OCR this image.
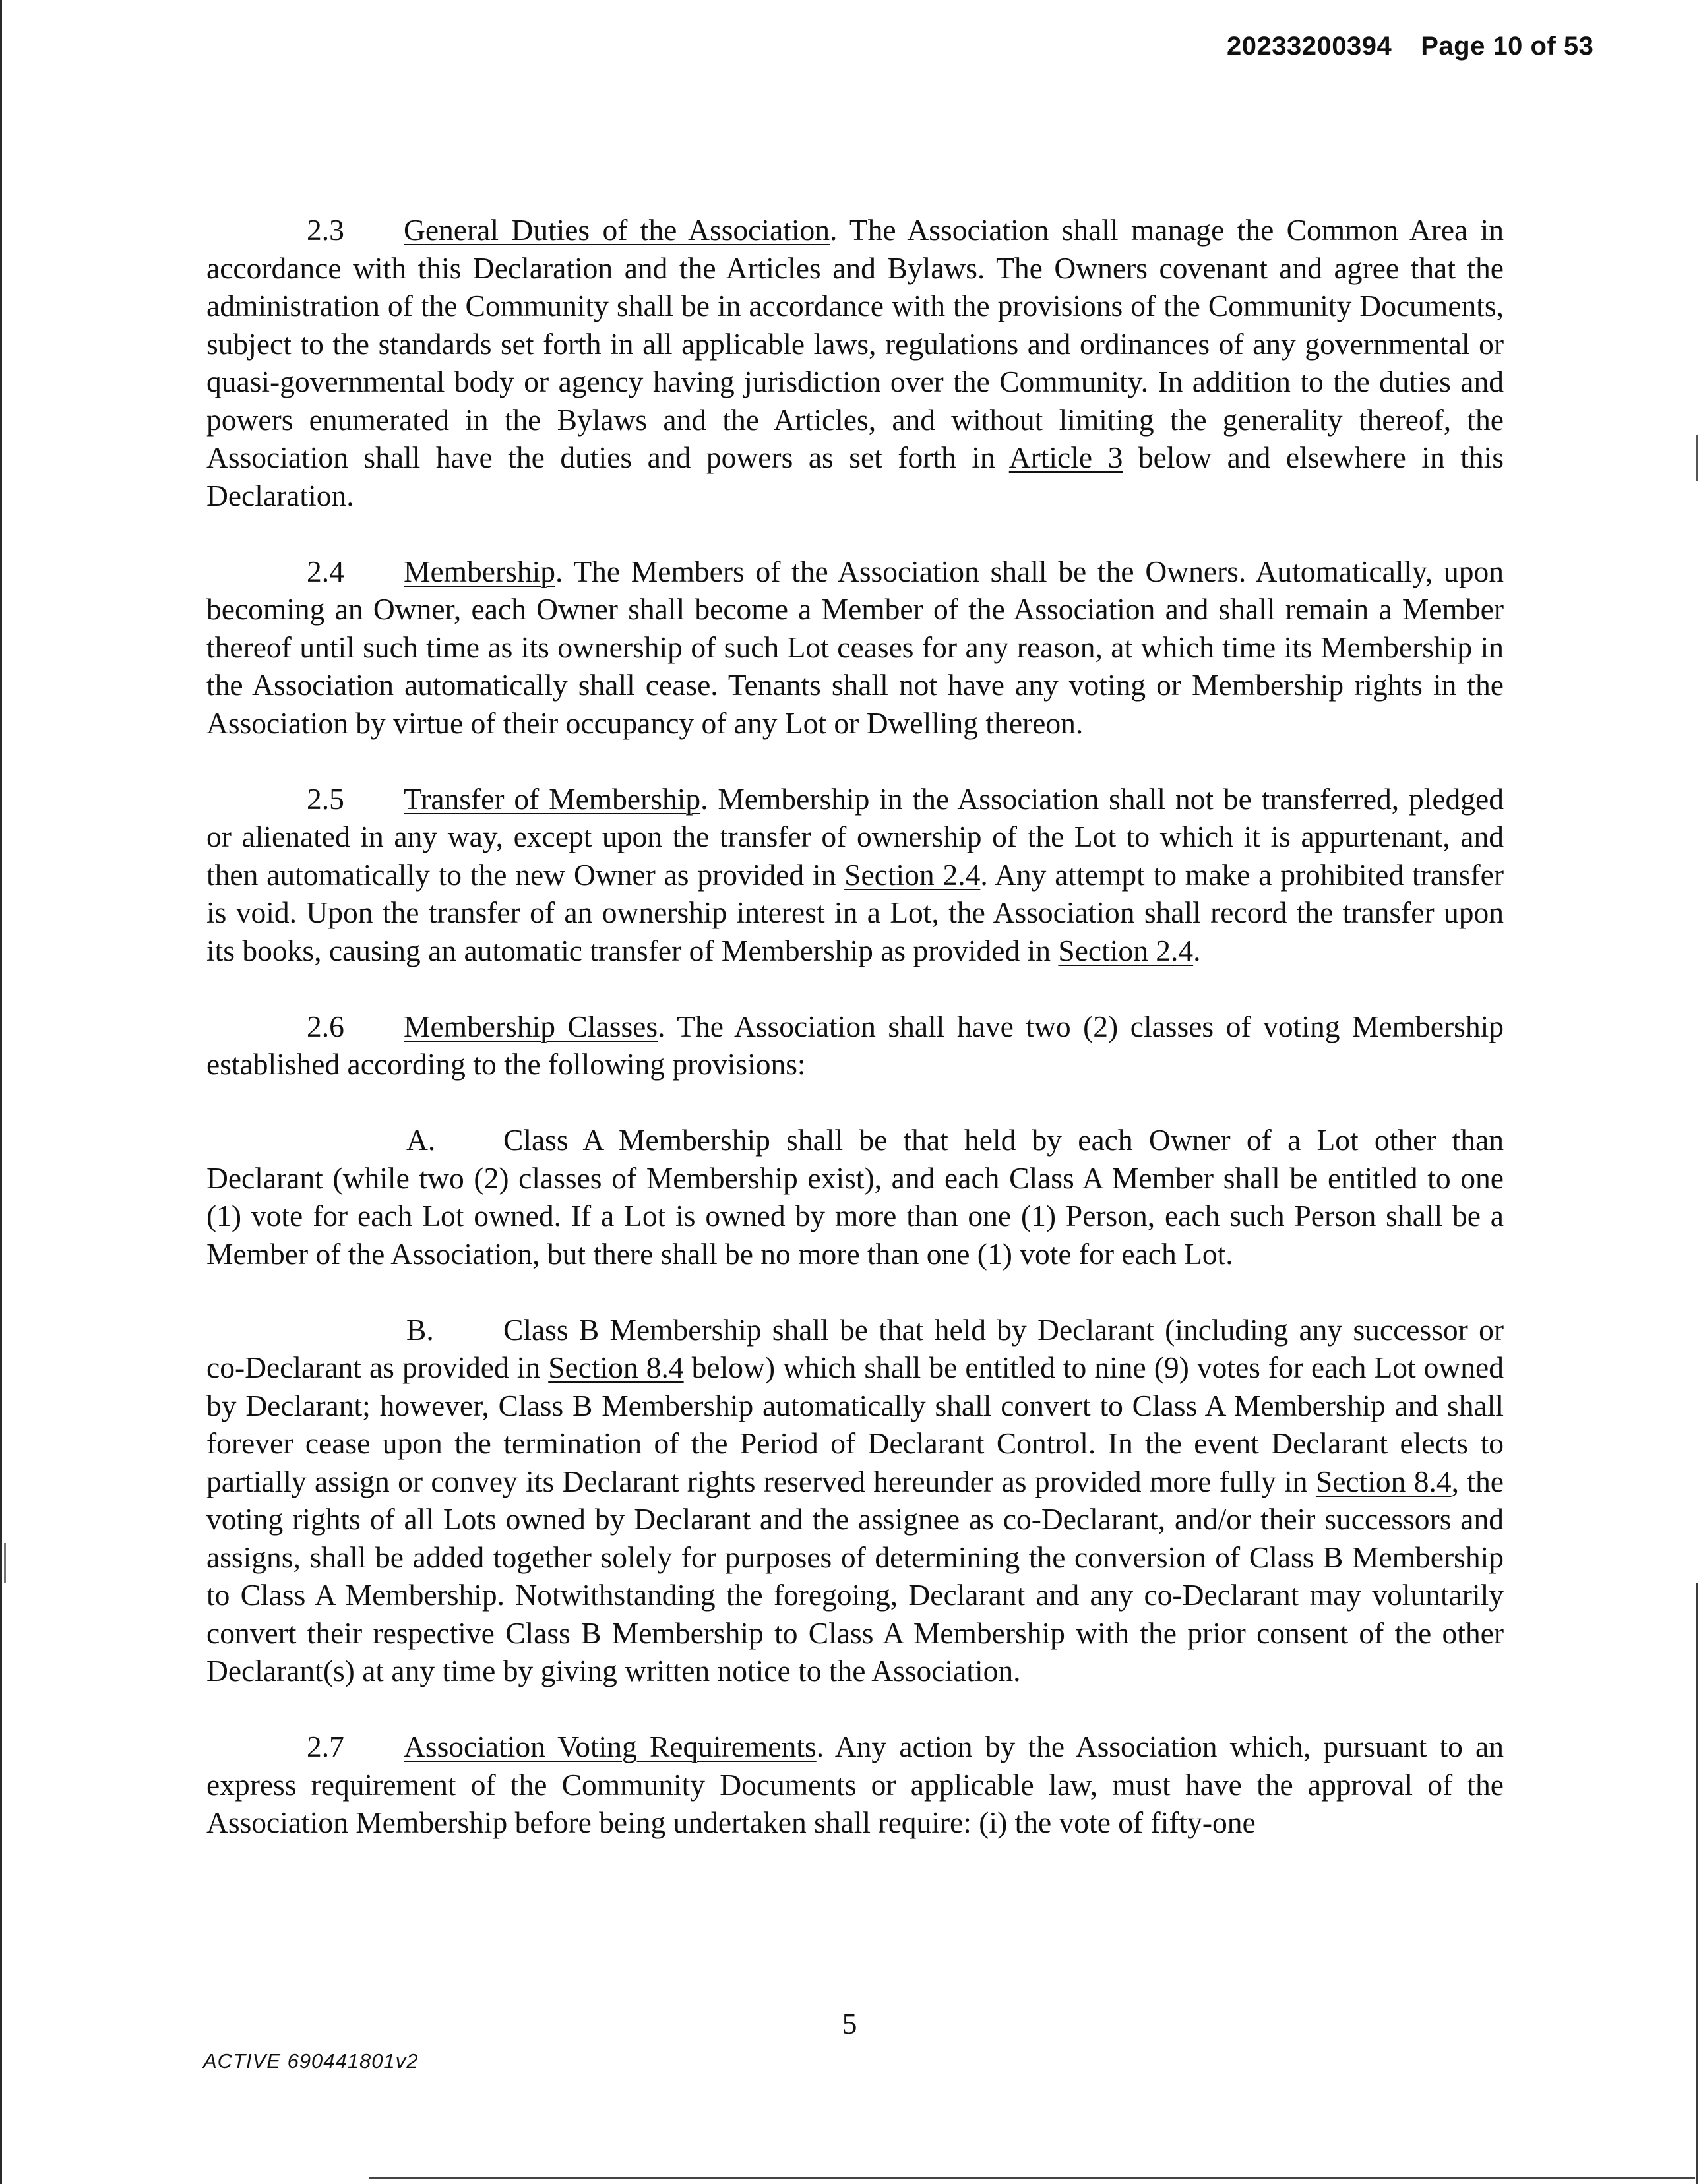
20233200394 Page 10 of 53

2.3 General Duties of the Association. The Association shall manage the Common Area in accordance with this Declaration and the Articles and Bylaws. The Owners covenant and agree that the administration of the Community shall be in accordance with the provisions of the Community Documents, subject to the standards set forth in all applicable laws, regulations and ordinances of any governmental or quasi-governmental body or agency having jurisdiction over the Community. In addition to the duties and powers enumerated in the Bylaws and the Articles, and without limiting the generality thereof, the Association shall have the duties and powers as set forth in Article 3 below and elsewhere in this Declaration.

2.4 Membership. The Members of the Association shall be the Owners. Automatically, upon becoming an Owner, each Owner shall become a Member of the Association and shall remain a Member thereof until such time as its ownership of such Lot ceases for any reason, at which time its Membership in the Association automatically shall cease. Tenants shall not have any voting or Membership rights in the Association by virtue of their occupancy of any Lot or Dwelling thereon.

2.5 Transfer of Membership. Membership in the Association shall not be transferred, pledged or alienated in any way, except upon the transfer of ownership of the Lot to which it is appurtenant, and then automatically to the new Owner as provided in Section 2.4. Any attempt to make a prohibited transfer is void. Upon the transfer of an ownership interest in a Lot, the Association shall record the transfer upon its books, causing an automatic transfer of Membership as provided in Section 2.4.

2.6 Membership Classes. The Association shall have two (2) classes of voting Membership established according to the following provisions:

A. Class A Membership shall be that held by each Owner of a Lot other than Declarant (while two (2) classes of Membership exist), and each Class A Member shall be entitled to one (1) vote for each Lot owned. If a Lot is owned by more than one (1) Person, each such Person shall be a Member of the Association, but there shall be no more than one (1) vote for each Lot.

B. Class B Membership shall be that held by Declarant (including any successor or co-Declarant as provided in Section 8.4 below) which shall be entitled to nine (9) votes for each Lot owned by Declarant; however, Class B Membership automatically shall convert to Class A Membership and shall forever cease upon the termination of the Period of Declarant Control. In the event Declarant elects to partially assign or convey its Declarant rights reserved hereunder as provided more fully in Section 8.4, the voting rights of all Lots owned by Declarant and the assignee as co-Declarant, and/or their successors and assigns, shall be added together solely for purposes of determining the conversion of Class B Membership to Class A Membership. Notwithstanding the foregoing, Declarant and any co-Declarant may voluntarily convert their respective Class B Membership to Class A Membership with the prior consent of the other Declarant(s) at any time by giving written notice to the Association.

2.7 Association Voting Requirements. Any action by the Association which, pursuant to an express requirement of the Community Documents or applicable law, must have the approval of the Association Membership before being undertaken shall require: (i) the vote of fifty-one

5
ACTIVE 690441801v2
